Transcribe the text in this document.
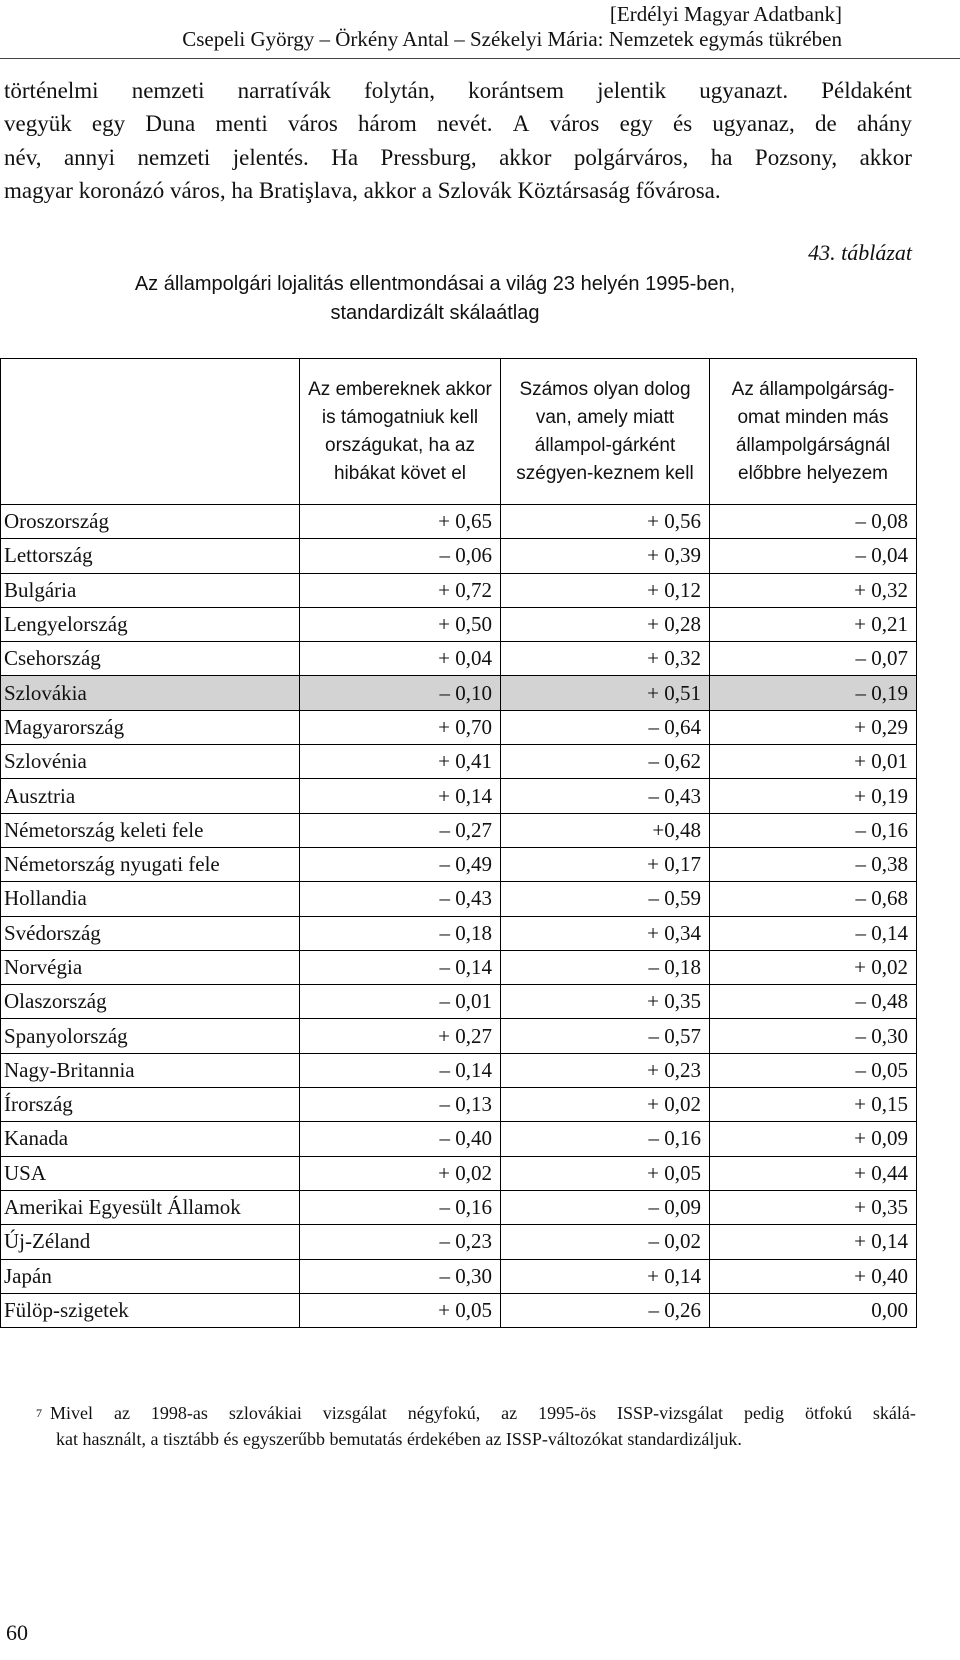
[Erdélyi Magyar Adatbank]
Csepeli György – Örkény Antal – Székelyi Mária: Nemzetek egymás tükrében
történelmi nemzeti narratívák folytán, korántsem jelentik ugyanazt. Példaként
vegyük egy Duna menti város három nevét. A város egy és ugyanaz, de ahány
név, annyi nemzeti jelentés. Ha Pressburg, akkor polgárváros, ha Pozsony, akkor
magyar koronázó város, ha Bratişlava, akkor a Szlovák Köztársaság fővárosa.
43. táblázat
Az állampolgári lojalitás ellentmondásai a világ 23 helyén 1995-ben,
standardizált skálaátlag
	Az embereknek akkor is támogatniuk kell országukat, ha az hibákat követ el	Számos olyan dolog van, amely miatt állampol-gárként szégyen-keznem kell	Az állampolgárság-omat minden más állampolgárságnál előbbre helyezem
Oroszország	+ 0,65	+ 0,56	– 0,08
Lettország	– 0,06	+ 0,39	– 0,04
Bulgária	+ 0,72	+ 0,12	+ 0,32
Lengyelország	+ 0,50	+ 0,28	+ 0,21
Csehország	+ 0,04	+ 0,32	– 0,07
Szlovákia	– 0,10	+ 0,51	– 0,19
Magyarország	+ 0,70	– 0,64	+ 0,29
Szlovénia	+ 0,41	– 0,62	+ 0,01
Ausztria	+ 0,14	– 0,43	+ 0,19
Németország keleti fele	– 0,27	+0,48	– 0,16
Németország nyugati fele	– 0,49	+ 0,17	– 0,38
Hollandia	– 0,43	– 0,59	– 0,68
Svédország	– 0,18	+ 0,34	– 0,14
Norvégia	– 0,14	– 0,18	+ 0,02
Olaszország	– 0,01	+ 0,35	– 0,48
Spanyolország	+ 0,27	– 0,57	– 0,30
Nagy-Britannia	– 0,14	+ 0,23	– 0,05
Írország	– 0,13	+ 0,02	+ 0,15
Kanada	– 0,40	– 0,16	+ 0,09
USA	+ 0,02	+ 0,05	+ 0,44
Amerikai Egyesült Államok	– 0,16	– 0,09	+ 0,35
Új-Zéland	– 0,23	– 0,02	+ 0,14
Japán	– 0,30	+ 0,14	+ 0,40
Fülöp-szigetek	+ 0,05	– 0,26	0,00
$^7$ Mivel az 1998-as szlovákiai vizsgálat négyfokú, az 1995-ös ISSP-vizsgálat pedig ötfokú skálá-
kat használt, a tisztább és egyszerűbb bemutatás érdekében az ISSP-változókat standardizáljuk.
60
